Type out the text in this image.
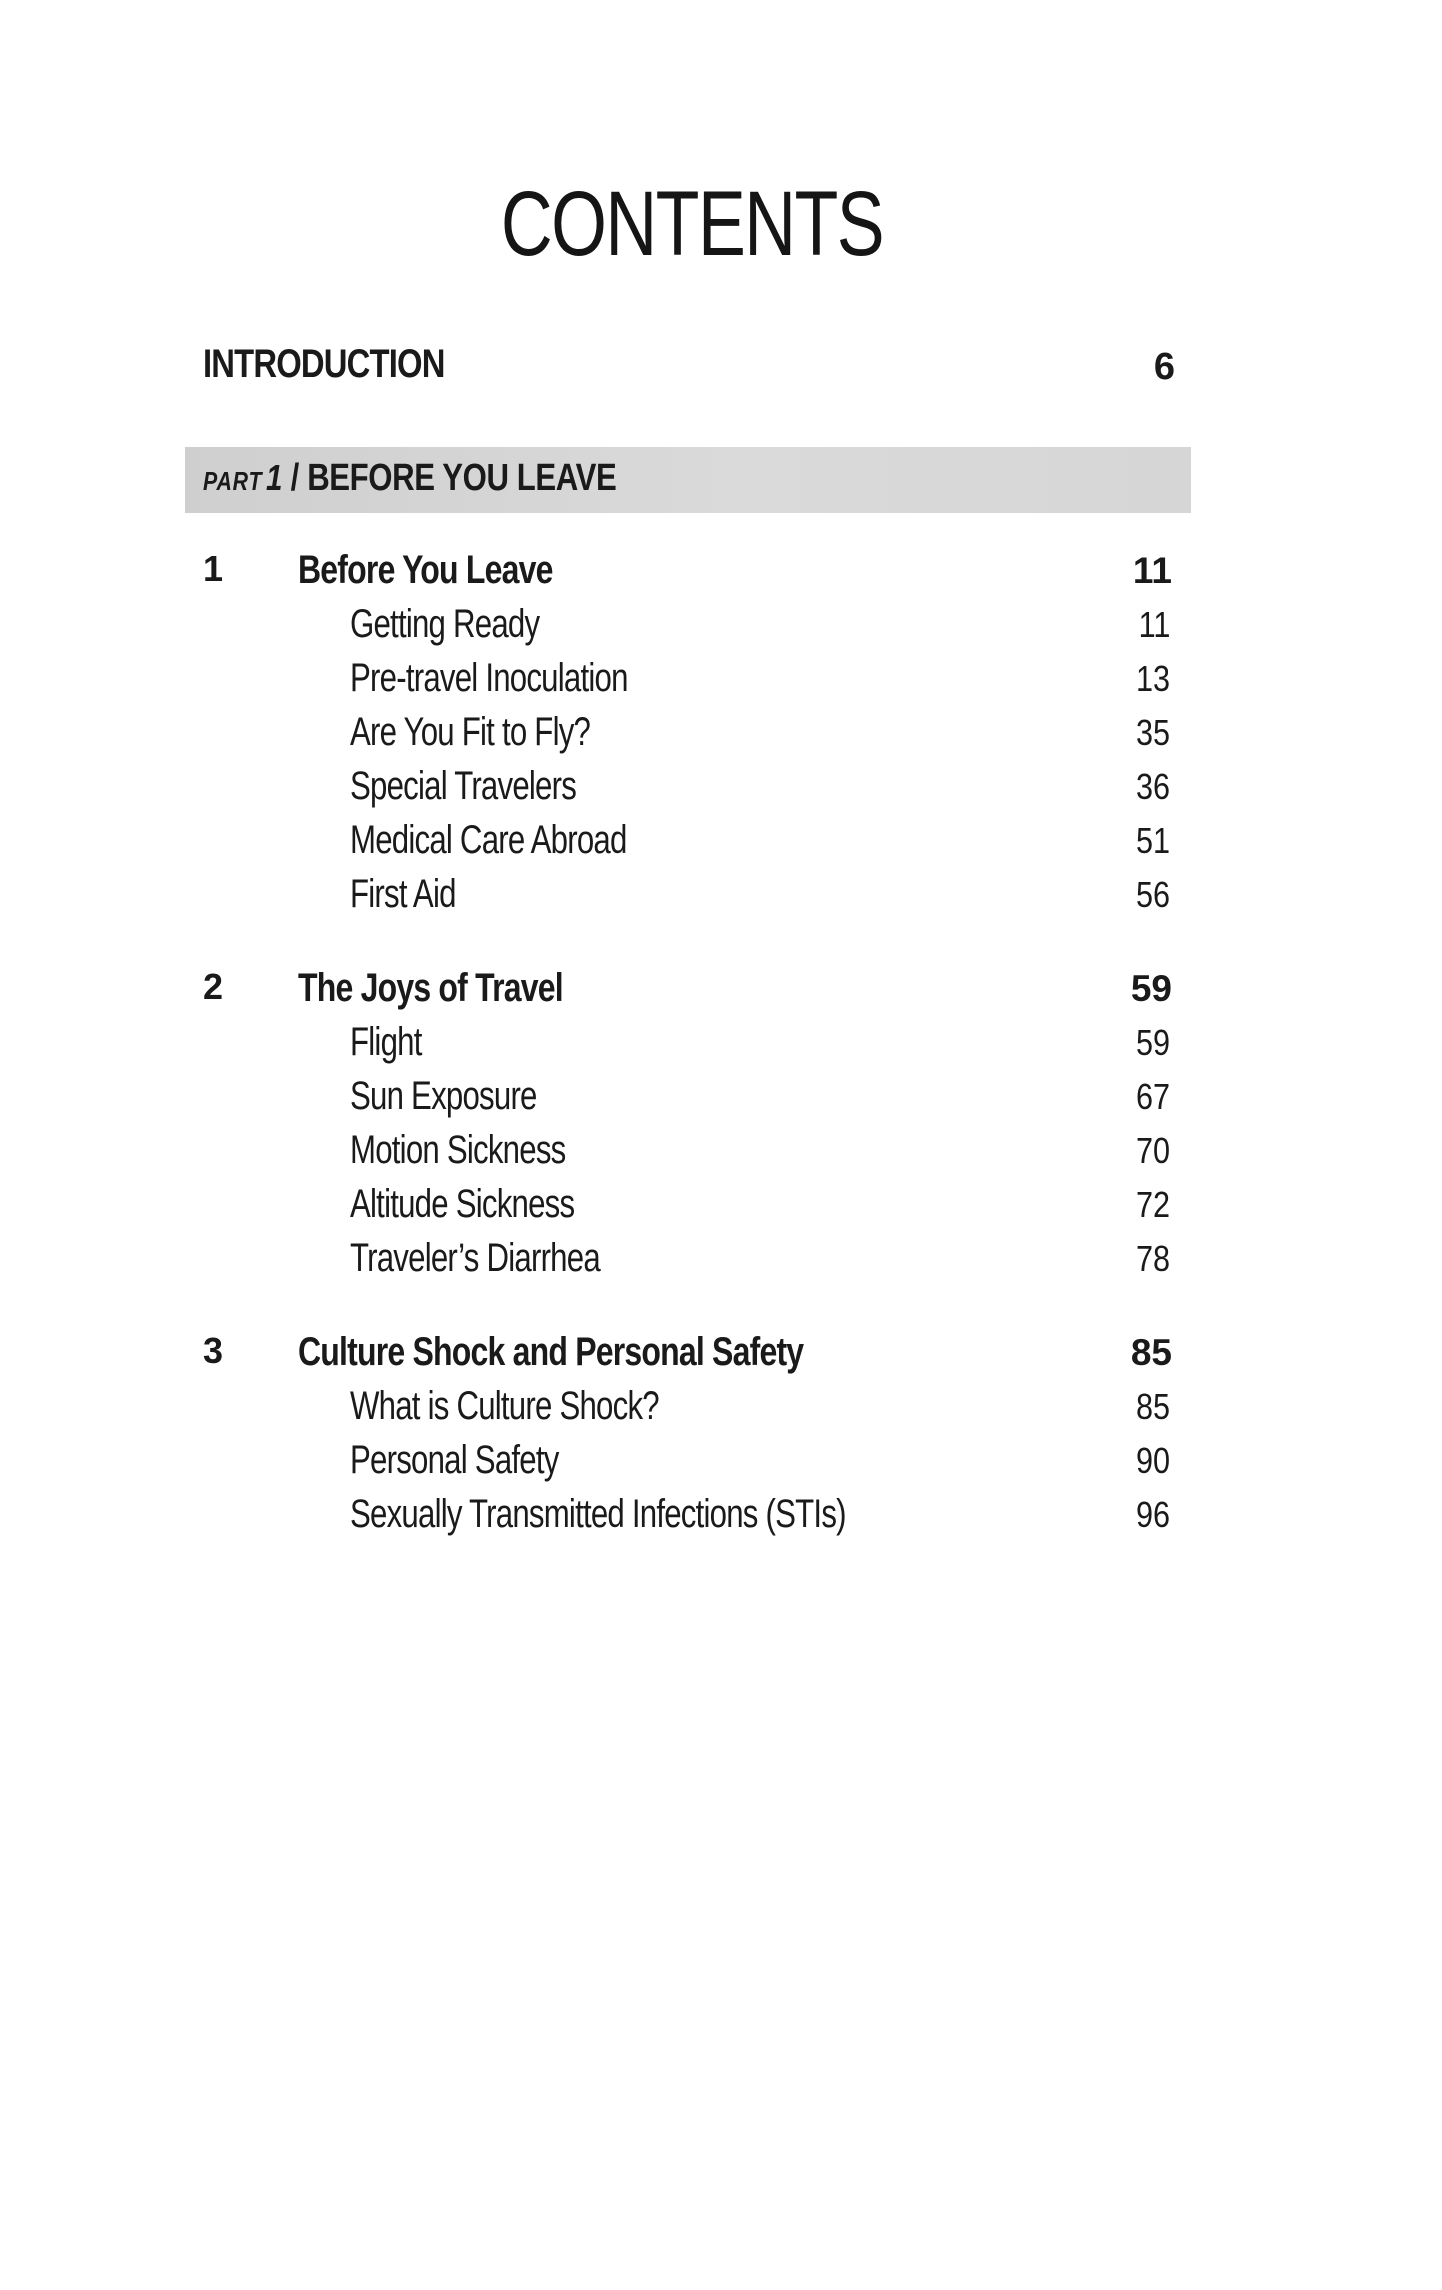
CONTENTS
INTRODUCTION	6
PART 1 / BEFORE YOU LEAVE
1 Before You Leave	11
Getting Ready	11
Pre-travel Inoculation	13
Are You Fit to Fly?	35
Special Travelers	36
Medical Care Abroad	51
First Aid	56
2 The Joys of Travel	59
Flight	59
Sun Exposure	67
Motion Sickness	70
Altitude Sickness	72
Traveler’s Diarrhea	78
3 Culture Shock and Personal Safety	85
What is Culture Shock?	85
Personal Safety	90
Sexually Transmitted Infections (STIs)	96
